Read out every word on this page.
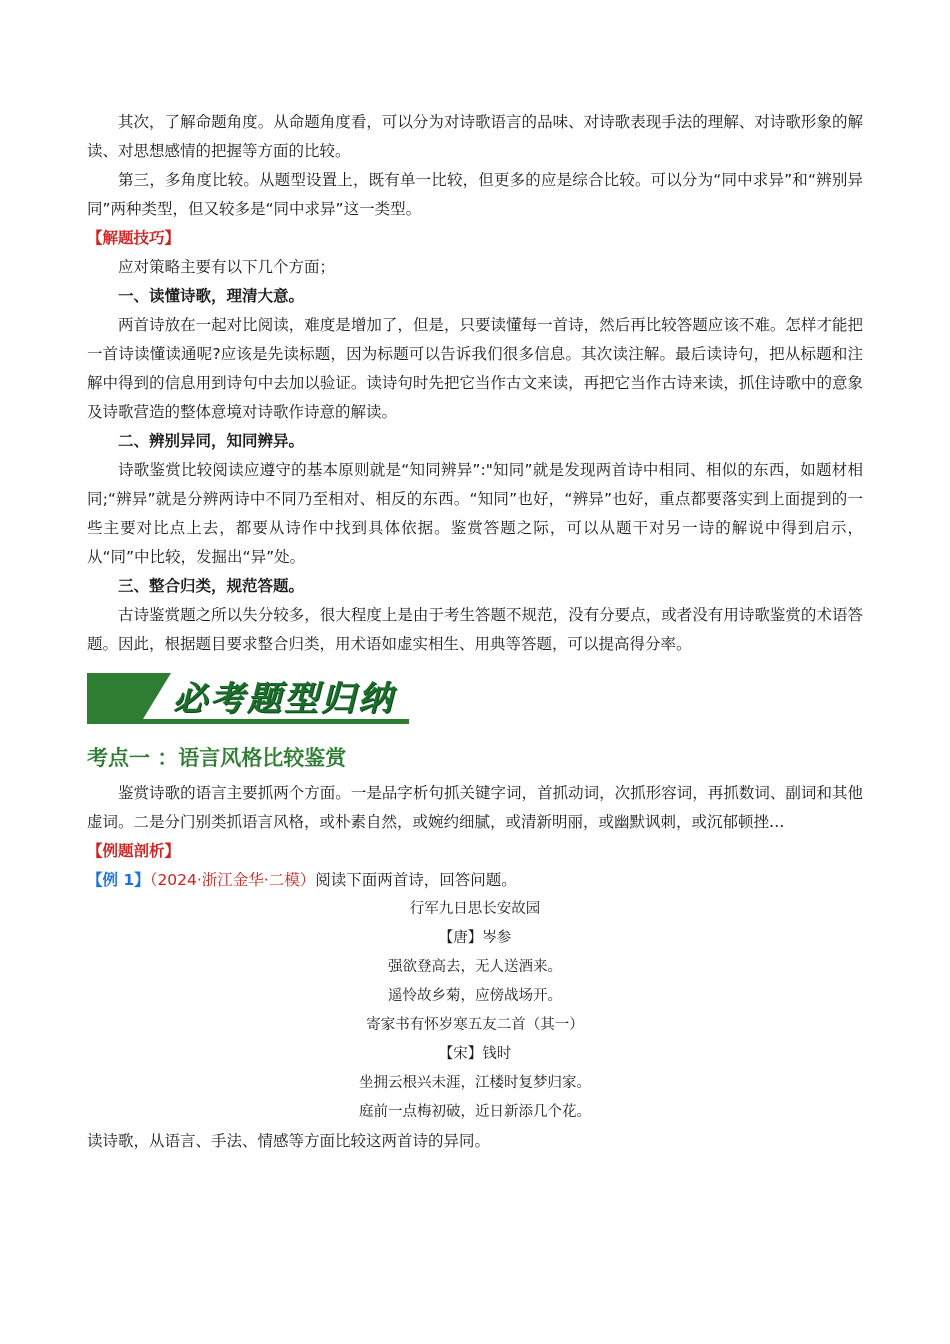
其次，了解命题角度。从命题角度看，可以分为对诗歌语言的品味、对诗歌表现手法的理解、对诗歌形象的解读、对思想感情的把握等方面的比较。

第三，多角度比较。从题型设置上，既有单一比较，但更多的应是综合比较。可以分为“同中求异”和“辨别异同”两种类型，但又较多是“同中求异”这一类型。

【解题技巧】

应对策略主要有以下几个方面；

一、读懂诗歌，理清大意。

两首诗放在一起对比阅读，难度是增加了，但是，只要读懂每一首诗，然后再比较答题应该不难。怎样才能把一首诗读懂读通呢?应该是先读标题，因为标题可以告诉我们很多信息。其次读注解。最后读诗句，把从标题和注解中得到的信息用到诗句中去加以验证。读诗句时先把它当作古文来读，再把它当作古诗来读，抓住诗歌中的意象及诗歌营造的整体意境对诗歌作诗意的解读。

二、辨别异同，知同辨异。

诗歌鉴赏比较阅读应遵守的基本原则就是“知同辨异”:"知同”就是发现两首诗中相同、相似的东西，如题材相同;“辨异”就是分辨两诗中不同乃至相对、相反的东西。“知同”也好，“辨异”也好，重点都要落实到上面提到的一些主要对比点上去，都要从诗作中找到具体依据。鉴赏答题之际，可以从题干对另一诗的解说中得到启示，从“同”中比较，发掘出“异”处。

三、整合归类，规范答题。

古诗鉴赏题之所以失分较多，很大程度上是由于考生答题不规范，没有分要点，或者没有用诗歌鉴赏的术语答题。因此，根据题目要求整合归类，用术语如虚实相生、用典等答题，可以提高得分率。

必考题型归纳
考点一 ：语言风格比较鉴赏

鉴赏诗歌的语言主要抓两个方面。一是品字析句抓关键字词，首抓动词，次抓形容词，再抓数词、副词和其他虚词。二是分门别类抓语言风格，或朴素自然，或婉约细腻，或清新明丽，或幽默讽刺，或沉郁顿挫…

【例题剖析】

【例 1】（2024·浙江金华·二模）阅读下面两首诗，回答问题。

行军九日思长安故园

【唐】岑参

强欲登高去，无人送酒来。

遥怜故乡菊，应傍战场开。

寄家书有怀岁寒五友二首（其一）

【宋】钱时

坐拥云根兴未涯，江楼时复梦归家。

庭前一点梅初破，近日新添几个花。

读诗歌，从语言、手法、情感等方面比较这两首诗的异同。
